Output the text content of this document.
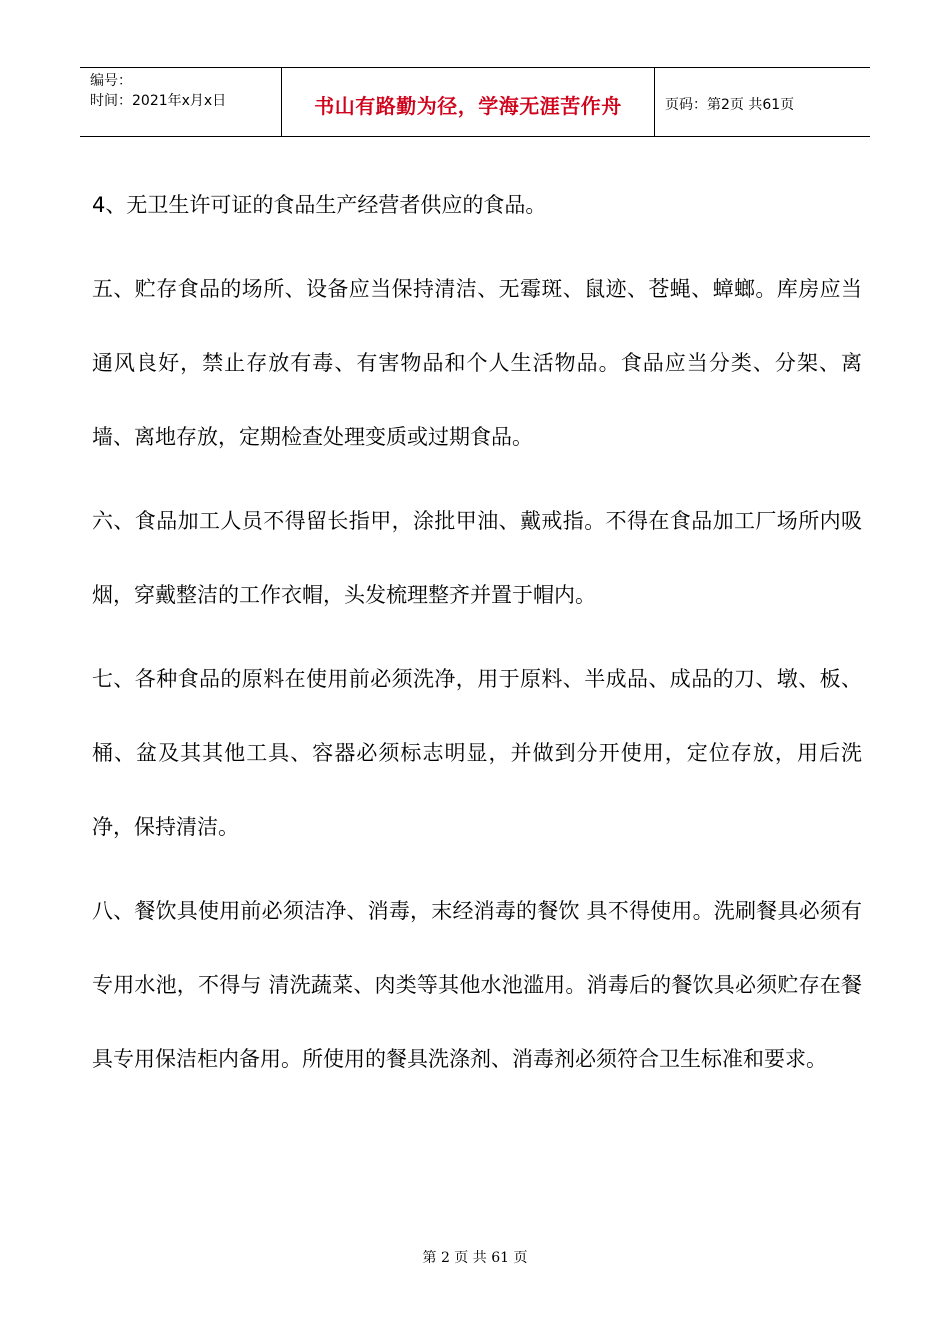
编号：
时间：2021年x月x日	书山有路勤为径，学海无涯苦作舟	页码：第2页 共61页

4、无卫生许可证的食品生产经营者供应的食品。

五、贮存食品的场所、设备应当保持清洁、无霉斑、鼠迹、苍蝇、蟑螂。库房应当通风良好，禁止存放有毒、有害物品和个人生活物品。食品应当分类、分架、离墙、离地存放，定期检查处理变质或过期食品。

六、食品加工人员不得留长指甲，涂批甲油、戴戒指。不得在食品加工厂场所内吸烟，穿戴整洁的工作衣帽，头发梳理整齐并置于帽内。

七、各种食品的原料在使用前必须洗净，用于原料、半成品、成品的刀、墩、板、桶、盆及其其他工具、容器必须标志明显，并做到分开使用，定位存放，用后洗净，保持清洁。

八、餐饮具使用前必须洁净、消毒，末经消毒的餐饮 具不得使用。洗刷餐具必须有专用水池，不得与 清洗蔬菜、肉类等其他水池滥用。消毒后的餐饮具必须贮存在餐具专用保洁柜内备用。所使用的餐具洗涤剂、消毒剂必须符合卫生标准和要求。

第 2 页 共 61 页
